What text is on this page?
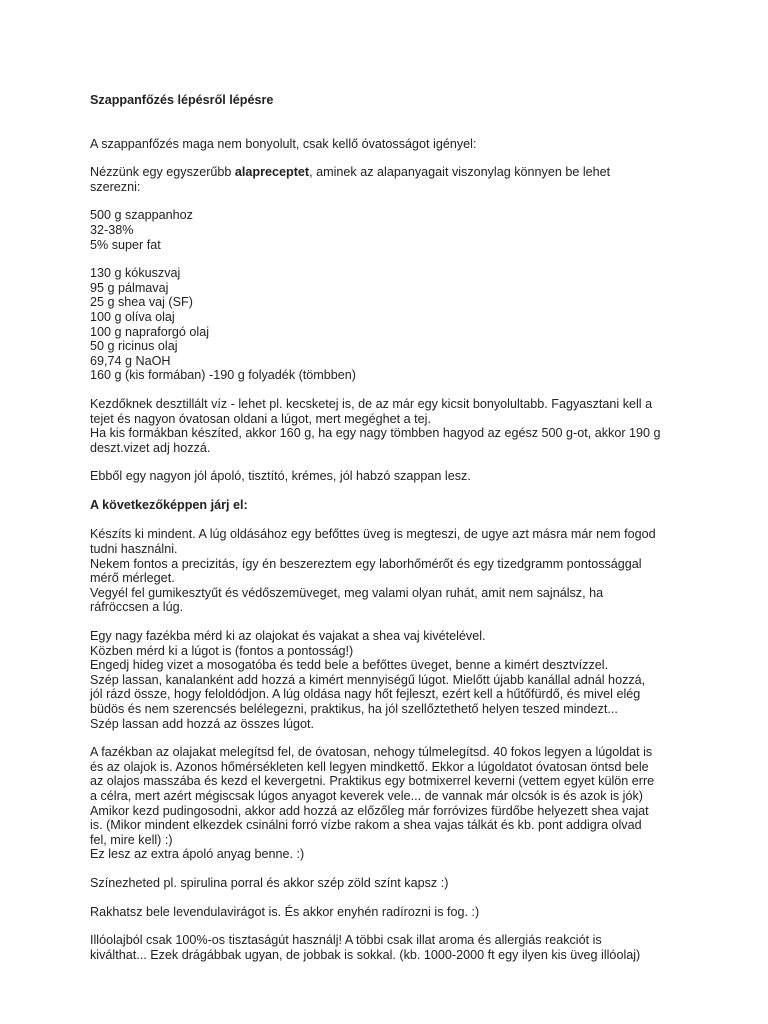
Szappanfőzés lépésről lépésre

A szappanfőzés maga nem bonyolult, csak kellő óvatosságot igényel:

Nézzünk egy egyszerűbb alapreceptet, aminek az alapanyagait viszonylag könnyen be lehet
szerezni:

500 g szappanhoz
32-38%
5% super fat
130 g kókuszvaj
95 g pálmavaj
25 g shea vaj (SF)
100 g olíva olaj
100 g napraforgó olaj
50 g ricinus olaj
69,74 g NaOH
160 g (kis formában) -190 g folyadék (tömbben)
Kezdőknek desztillált víz - lehet pl. kecsketej is, de az már egy kicsit bonyolultabb. Fagyasztani kell a
tejet és nagyon óvatosan oldani a lúgot, mert megéghet a tej.
Ha kis formákban készíted, akkor 160 g, ha egy nagy tömbben hagyod az egész 500 g-ot, akkor 190 g
deszt.vizet adj hozzá.

Ebből egy nagyon jól ápoló, tisztító, krémes, jól habzó szappan lesz.

A következőképpen járj el:

Készíts ki mindent. A lúg oldásához egy befőttes üveg is megteszi, de ugye azt másra már nem fogod
tudni használni.
Nekem fontos a precizitás, így én beszereztem egy laborhőmérőt és egy tizedgramm pontossággal
mérő mérleget.
Vegyél fel gumikesztyűt és védőszemüveget, meg valami olyan ruhát, amit nem sajnálsz, ha
ráfröccsen a lúg.
Egy nagy fazékba mérd ki az olajokat és vajakat a shea vaj kivételével.
Közben mérd ki a lúgot is (fontos a pontosság!)
Engedj hideg vizet a mosogatóba és tedd bele a befőttes üveget, benne a kimért desztvízzel.
Szép lassan, kanalanként add hozzá a kimért mennyiségű lúgot. Mielőtt újabb kanállal adnál hozzá,
jól rázd össze, hogy feloldódjon. A lúg oldása nagy hőt fejleszt, ezért kell a hűtőfürdő, és mivel elég
büdös és nem szerencsés belélegezni, praktikus, ha jól szellőztethető helyen teszed mindezt...
Szép lassan add hozzá az összes lúgot.
A fazékban az olajakat melegítsd fel, de óvatosan, nehogy túlmelegítsd. 40 fokos legyen a lúgoldat is
és az olajok is. Azonos hőmérsékleten kell legyen mindkettő. Ekkor a lúgoldatot óvatosan öntsd bele
az olajos masszába és kezd el kevergetni. Praktikus egy botmixerrel keverni (vettem egyet külön erre
a célra, mert azért mégiscsak lúgos anyagot keverek vele... de vannak már olcsók is és azok is jók)
Amikor kezd pudingosodni, akkor add hozzá az előzőleg már forróvizes fürdőbe helyezett shea vajat
is. (Mikor mindent elkezdek csinálni forró vízbe rakom a shea vajas tálkát és kb. pont addigra olvad
fel, mire kell) :)
Ez lesz az extra ápoló anyag benne. :)

Színezheted pl. spirulina porral és akkor szép zöld színt kapsz :)

Rakhatsz bele levendulavirágot is. És akkor enyhén radírozni is fog. :)

Illóolajból csak 100%-os tisztaságút használj! A többi csak illat aroma és allergiás reakciót is
kiválthat... Ezek drágábbak ugyan, de jobbak is sokkal. (kb. 1000-2000 ft egy ilyen kis üveg illóolaj)
